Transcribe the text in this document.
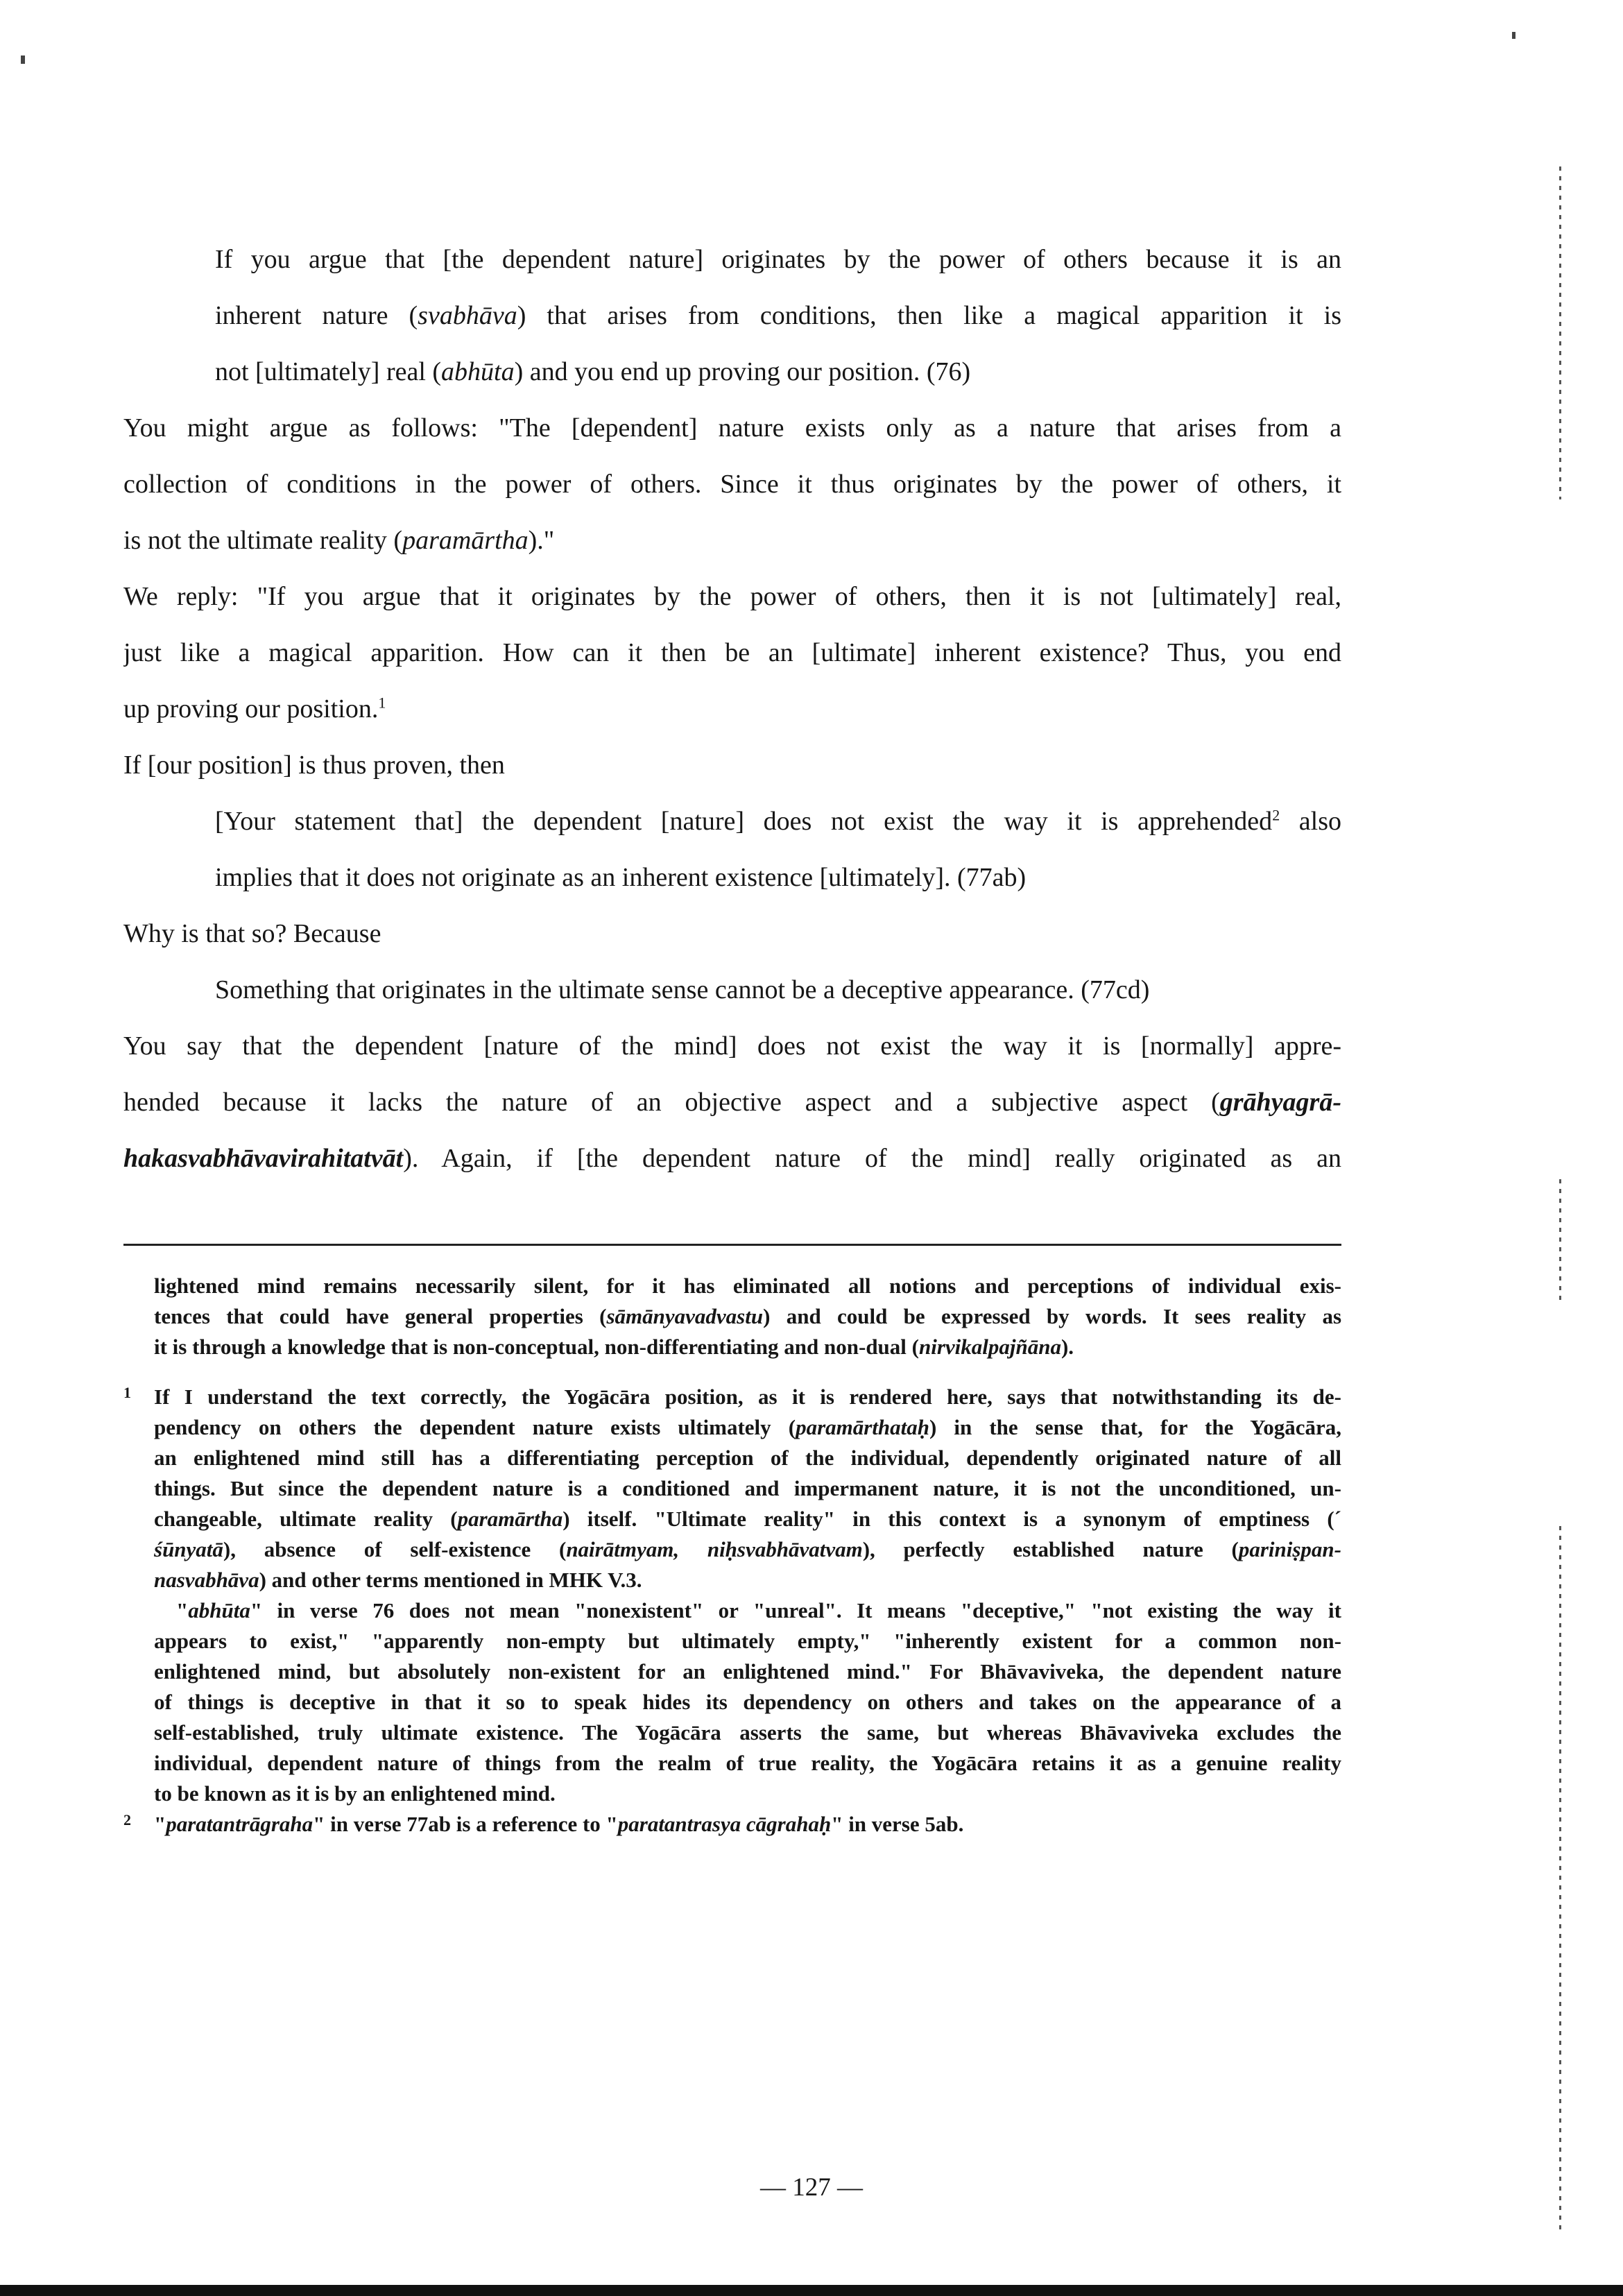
If you argue that [the dependent nature] originates by the power of others because it is an
inherent nature (svabhāva) that arises from conditions, then like a magical apparition it is
not [ultimately] real (abhūta) and you end up proving our position. (76)
You might argue as follows: "The [dependent] nature exists only as a nature that arises from a
collection of conditions in the power of others. Since it thus originates by the power of others, it
is not the ultimate reality (paramārtha)."
We reply: "If you argue that it originates by the power of others, then it is not [ultimately] real,
just like a magical apparition. How can it then be an [ultimate] inherent existence? Thus, you end
up proving our position.$^1$
If [our position] is thus proven, then
[Your statement that] the dependent [nature] does not exist the way it is apprehended$^2$ also
implies that it does not originate as an inherent existence [ultimately]. (77ab)
Why is that so? Because
Something that originates in the ultimate sense cannot be a deceptive appearance. (77cd)
You say that the dependent [nature of the mind] does not exist the way it is [normally] appre-
hended because it lacks the nature of an objective aspect and a subjective aspect (grāhyagrā-
hakasvabhāvavirahitatvāt). Again, if [the dependent nature of the mind] really originated as an
lightened mind remains necessarily silent, for it has eliminated all notions and perceptions of individual exis-
tences that could have general properties (sāmānyavadvastu) and could be expressed by words. It sees reality as
it is through a knowledge that is non-conceptual, non-differentiating and non-dual (nirvikalpajñāna).
1 If I understand the text correctly, the Yogācāra position, as it is rendered here, says that notwithstanding its de-
pendency on others the dependent nature exists ultimately (paramārthataḥ) in the sense that, for the Yogācāra,
an enlightened mind still has a differentiating perception of the individual, dependently originated nature of all
things. But since the dependent nature is a conditioned and impermanent nature, it is not the unconditioned, un-
changeable, ultimate reality (paramārtha) itself. "Ultimate reality" in this context is a synonym of emptiness (´
śūnyatā), absence of self-existence (nairātmyam, niḥsvabhāvatvam), perfectly established nature (pariniṣpan-
nasvabhāva) and other terms mentioned in MHK V.3.
"abhūta" in verse 76 does not mean "nonexistent" or "unreal". It means "deceptive," "not existing the way it
appears to exist," "apparently non-empty but ultimately empty," "inherently existent for a common non-
enlightened mind, but absolutely non-existent for an enlightened mind." For Bhāvaviveka, the dependent nature
of things is deceptive in that it so to speak hides its dependency on others and takes on the appearance of a
self-established, truly ultimate existence. The Yogācāra asserts the same, but whereas Bhāvaviveka excludes the
individual, dependent nature of things from the realm of true reality, the Yogācāra retains it as a genuine reality
to be known as it is by an enlightened mind.
2 "paratantrāgraha" in verse 77ab is a reference to "paratantrasya cāgrahaḥ" in verse 5ab.
— 127 —
